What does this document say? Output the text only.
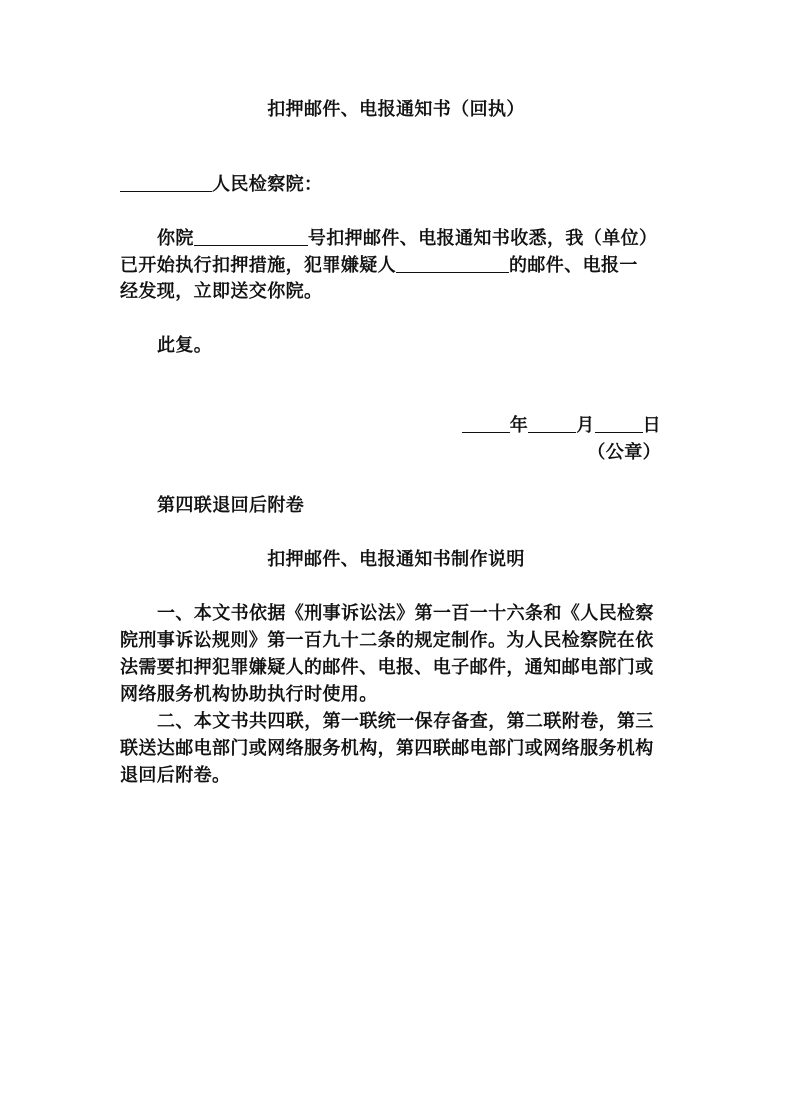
扣押邮件、电报通知书（回执）
人民检察院：
你院	号扣押邮件、电报通知书收悉，我（单位）
已开始执行扣押措施，犯罪嫌疑人	的邮件、电报一
经发现，立即送交你院。
此复。
年	月	日
（公章）
第四联退回后附卷
扣押邮件、电报通知书制作说明
一、本文书依据《刑事诉讼法》第一百一十六条和《人民检察
院刑事诉讼规则》第一百九十二条的规定制作。为人民检察院在依
法需要扣押犯罪嫌疑人的邮件、电报、电子邮件，通知邮电部门或
网络服务机构协助执行时使用。
二、本文书共四联，第一联统一保存备查，第二联附卷，第三
联送达邮电部门或网络服务机构，第四联邮电部门或网络服务机构
退回后附卷。
